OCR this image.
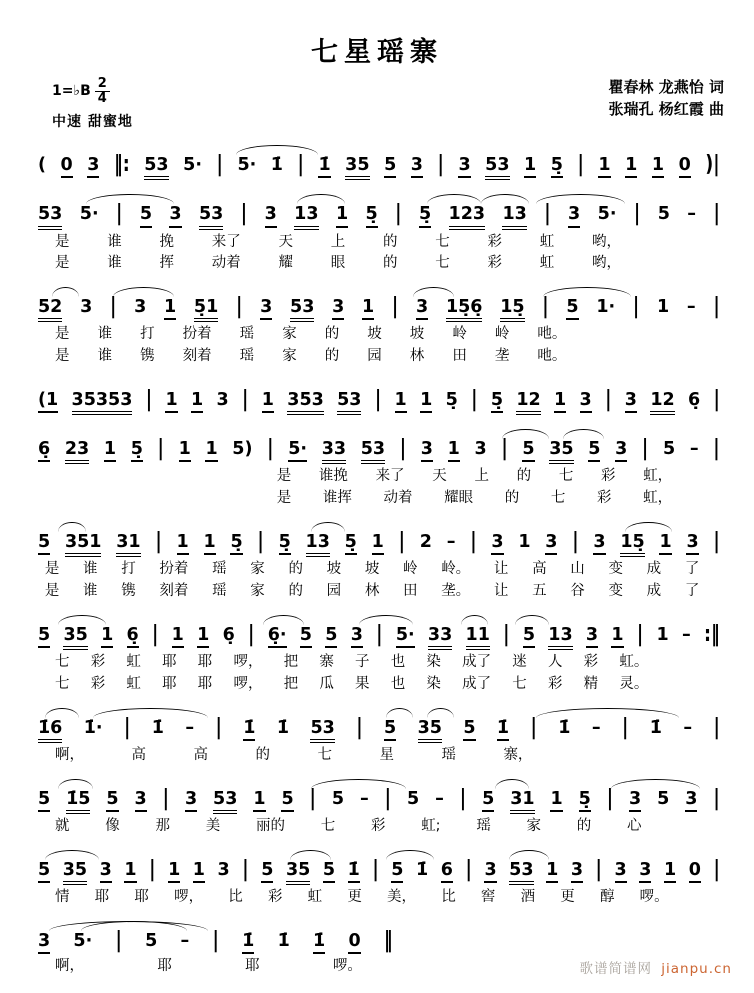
七星瑶寨
1=♭B $\frac{2}{4}$
中速 甜蜜地
瞿春林 龙燕怡 词
张瑞孔 杨红霞 曲
( 0 3 ‖: 53 5· | 5· 1̇ | 1̇ 35 5 3 | 3 53 1 5̣ | 1 1 1 0 )|
53 5· | 5 3 53 | 3 13 1 5̣ | 5̣ 123 13 | 3 5· | 5 – |
是	谁	挽	来了	天	上	的	七	彩	虹	哟，
是	谁	挥	动着	耀	眼	的	七	彩	虹	哟，
52 3 | 3 1 5̣1 | 3 53 3 1 | 3 15̣6̣ 15̣ | 5 1· | 1 – |
是 谁 打 扮着 瑶 家 的 坡 坡 岭 岭 吔。
是 谁 镌 刻着 瑶 家 的 园 林 田 垄 吔。
(1 35353 | 1 1 3 | 1 353 53 | 1 1 5̣ | 5̣ 12 1 3 | 3 12 6̣ |
6̣ 23 1 5̣ | 1 1 5) | 5· 33 53 | 3 1 3 | 5 35 5 3 | 5 – |
是 谁挽 来了 天 上 的 七 彩 虹，
是 谁挥 动着 耀眼 的 七 彩 虹，
5 351 31 | 1 1 5̣ | 5̣ 13 5̣ 1 | 2 – | 3 1 3 | 3 15̣ 1 3 |
是 谁 打 扮着 瑶 家 的 坡 坡 岭 岭。 让 高 山 变 成 了
是 谁 镌 刻着 瑶 家 的 园 林 田 垄。 让 五 谷 变 成 了
5 35 1 6̣ | 1 1 6̣ | 6̣· 5 5 3 | 5· 33 11 | 5 13 3 1 | 1 – :‖
七 彩 虹 耶 耶 啰， 把 寨 子 也 染 成了 迷 人 彩 虹。
七 彩 虹 耶 耶 啰， 把 瓜 果 也 染 成了 七 彩 精 灵。
1̇6 1̇· | 1̇ – | 1̇ 1̇ 53 | 5 35 5 1̇ | 1̇ – | 1̇ – |
啊，	高	高	的	七	星	瑶	寨，
5 1̇5 5 3 | 3 53 1 5 | 5 – | 5 – | 5 31 1 5̣ | 3 5 3 |
就 像 那 美 丽的 七 彩 虹; 瑶 家 的 心
5 35 3 1 | 1 1 3 | 5 35 5 1̇ | 5 1̇ 6 | 3 53 1 3 | 3 3 1 0 |
情 耶 耶 啰， 比 彩 虹 更 美， 比 窖 酒 更 醇 啰。
3 5· | 5 – | 1̇ 1̇ 1̇ 0 ‖
啊，	耶	耶	啰。	歌谱简谱网 jianpu.cn
